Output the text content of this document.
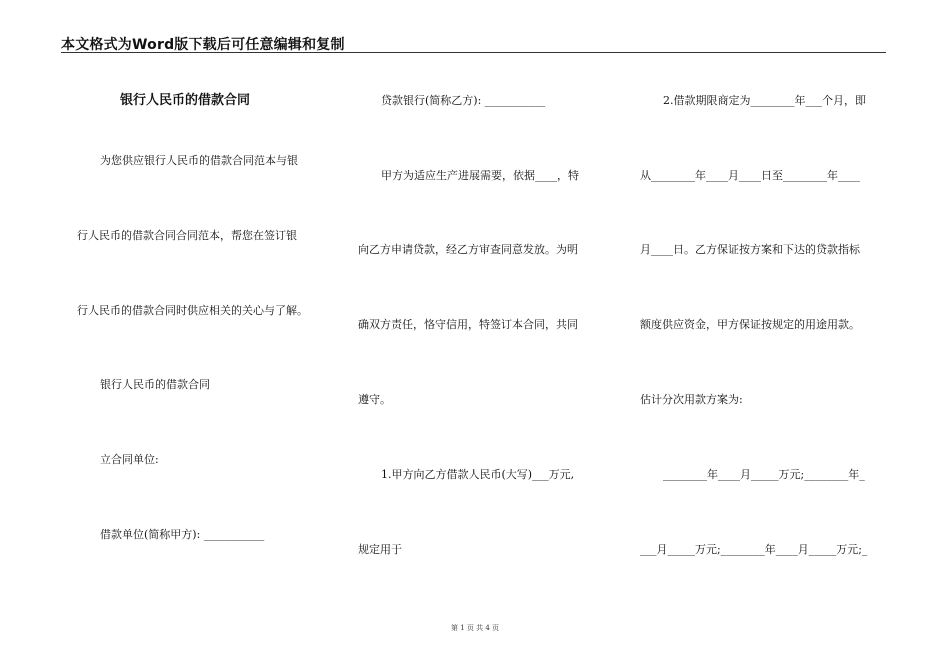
本文格式为Word版下载后可任意编辑和复制
银行人民币的借款合同
为您供应银行人民币的借款合同范本与银
行人民币的借款合同合同范本，帮您在签订银
行人民币的借款合同时供应相关的关心与了解。
银行人民币的借款合同
立合同单位:
借款单位(简称甲方): ___________
贷款银行(简称乙方): ___________
甲方为适应生产进展需要，依据____，特
向乙方申请贷款，经乙方审查同意发放。为明
确双方责任，恪守信用，特签订本合同，共同
遵守。
1.甲方向乙方借款人民币(大写)___万元,
规定用于
2.借款期限商定为________年___个月，即
从________年____月____日至________年____
月____日。乙方保证按方案和下达的贷款指标
额度供应资金，甲方保证按规定的用途用款。
估计分次用款方案为:
________年____月_____万元;________年_
___月_____万元;________年____月_____万元;_
第 1 页 共 4 页
